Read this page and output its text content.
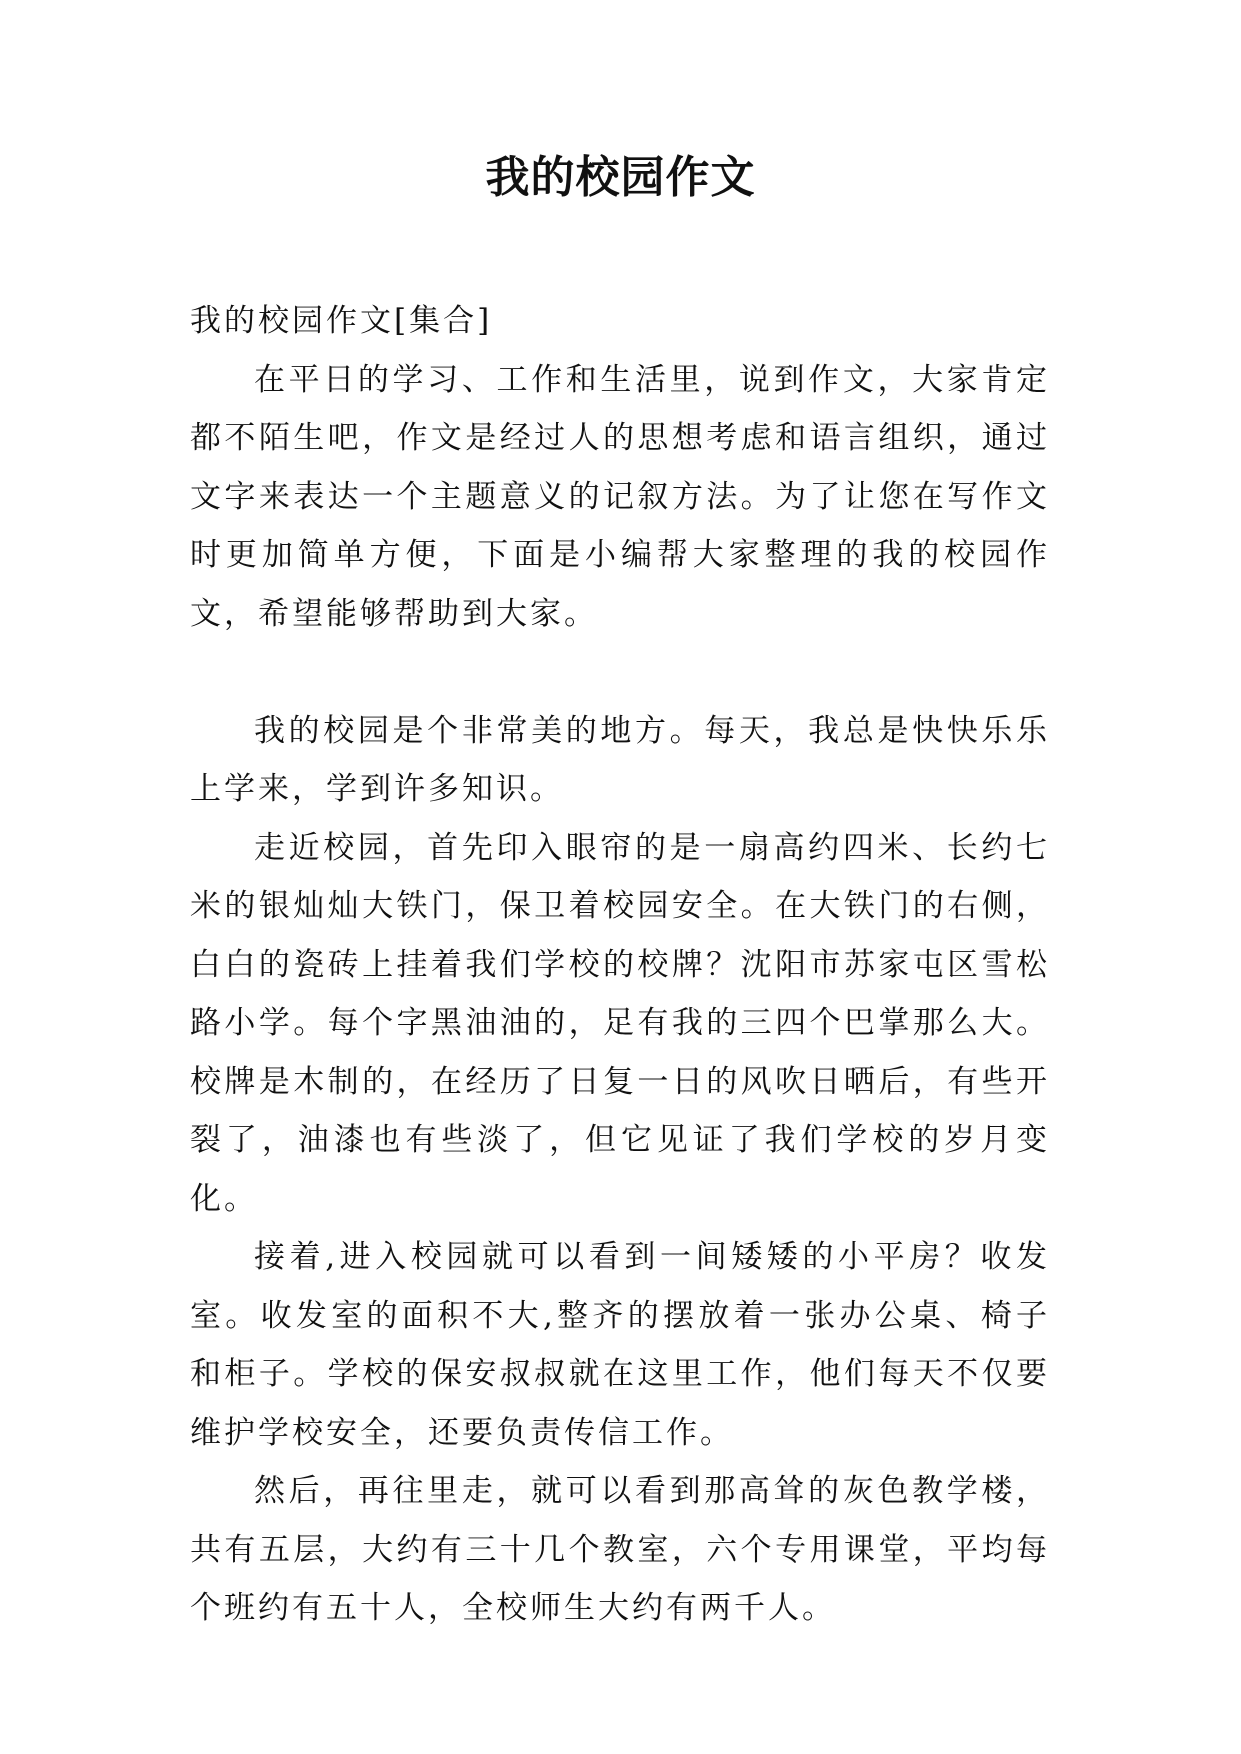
我的校园作文

我的校园作文[集合]

在平日的学习、工作和生活里，说到作文，大家肯定都不陌生吧，作文是经过人的思想考虑和语言组织，通过文字来表达一个主题意义的记叙方法。为了让您在写作文时更加简单方便，下面是小编帮大家整理的我的校园作文，希望能够帮助到大家。

我的校园是个非常美的地方。每天，我总是快快乐乐上学来，学到许多知识。

走近校园，首先印入眼帘的是一扇高约四米、长约七米的银灿灿大铁门，保卫着校园安全。在大铁门的右侧，白白的瓷砖上挂着我们学校的校牌？沈阳市苏家屯区雪松路小学。每个字黑油油的，足有我的三四个巴掌那么大。校牌是木制的，在经历了日复一日的风吹日晒后，有些开裂了，油漆也有些淡了，但它见证了我们学校的岁月变化。

接着,进入校园就可以看到一间矮矮的小平房？收发室。收发室的面积不大,整齐的摆放着一张办公桌、椅子和柜子。学校的保安叔叔就在这里工作，他们每天不仅要维护学校安全，还要负责传信工作。

然后，再往里走，就可以看到那高耸的灰色教学楼，共有五层，大约有三十几个教室，六个专用课堂，平均每个班约有五十人，全校师生大约有两千人。
